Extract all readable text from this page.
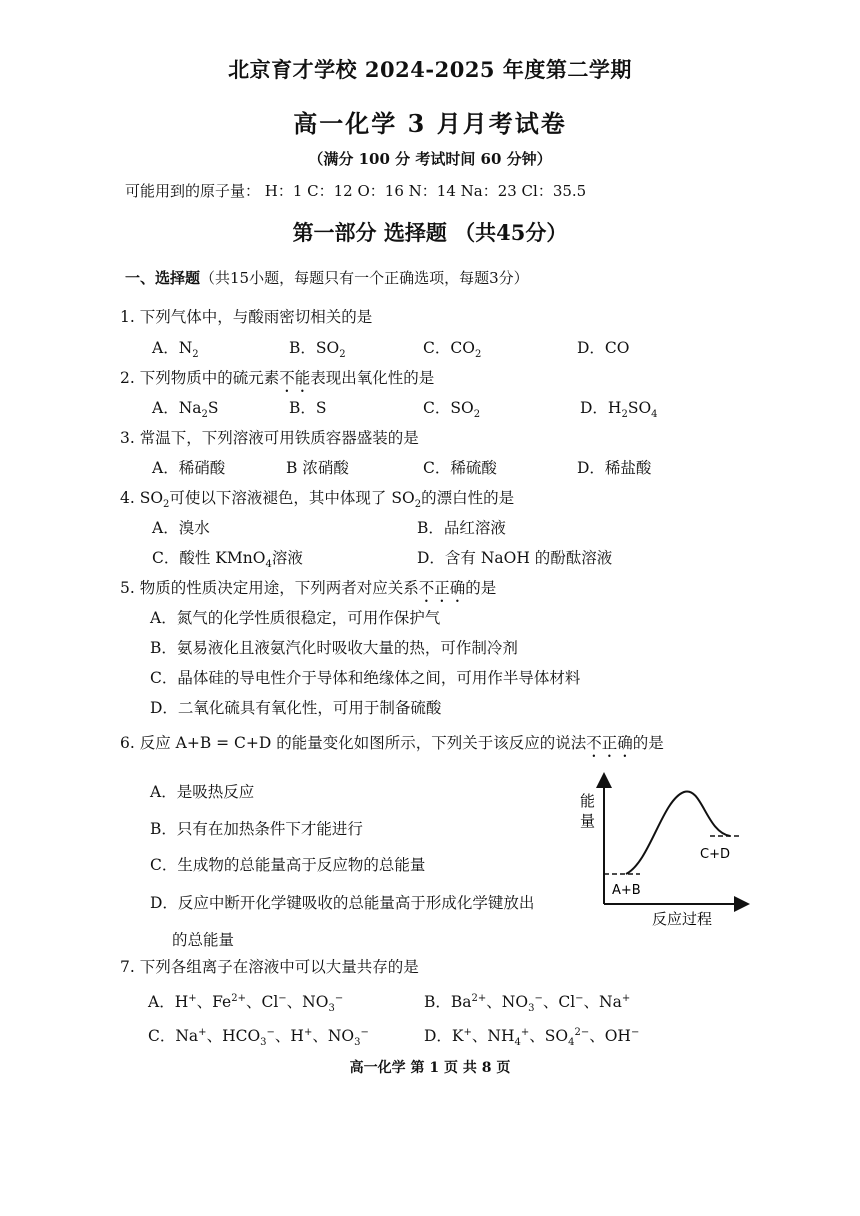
北京育才学校 2024-2025 年度第二学期
高一化学 3 月月考试卷
（满分 100 分 考试时间 60 分钟）
可能用到的原子量： H：1 C：12 O：16 N：14 Na：23 Cl：35.5
第一部分 选择题 （共45分）
一、选择题（共15小题，每题只有一个正确选项，每题3分）
1. 下列气体中，与酸雨密切相关的是
A．$N_2$	B．$SO_2$	C．$CO_2$	D．CO
2. 下列物质中的硫元素不能表现出氧化性的是
A．$Na_2S$	B．S	C．$SO_2$	D．$H_2SO_4$
3. 常温下，下列溶液可用铁质容器盛装的是
A．稀硝酸	B 浓硝酸	C．稀硫酸	D．稀盐酸
4. $SO_2$可使以下溶液褪色，其中体现了 $SO_2$的漂白性的是
A．溴水	B．品红溶液
C．酸性 KMnO$_4$溶液	D．含有 NaOH 的酚酞溶液
5. 物质的性质决定用途，下列两者对应关系不正确的是
A．氮气的化学性质很稳定，可用作保护气
B．氨易液化且液氨汽化时吸收大量的热，可作制冷剂
C．晶体硅的导电性介于导体和绝缘体之间，可用作半导体材料
D．二氧化硫具有氧化性，可用于制备硫酸
6. 反应 A+B = C+D 的能量变化如图所示，下列关于该反应的说法不正确的是
A．是吸热反应
B．只有在加热条件下才能进行
C．生成物的总能量高于反应物的总能量
D．反应中断开化学键吸收的总能量高于形成化学键放出
的总能量
能
量
A+B
C+D
反应过程
7. 下列各组离子在溶液中可以大量共存的是
A．H+、$Fe^{2+}$、Cl−、$NO_3^-$	B．$Ba^{2+}$、$NO_3^-$、Cl−、Na+
C．Na+、$HCO_3^-$、H+、$NO_3^-$	D．K+、$NH_4^+$、$SO_4^{2-}$、OH−
高一化学 第 1 页 共 8 页
